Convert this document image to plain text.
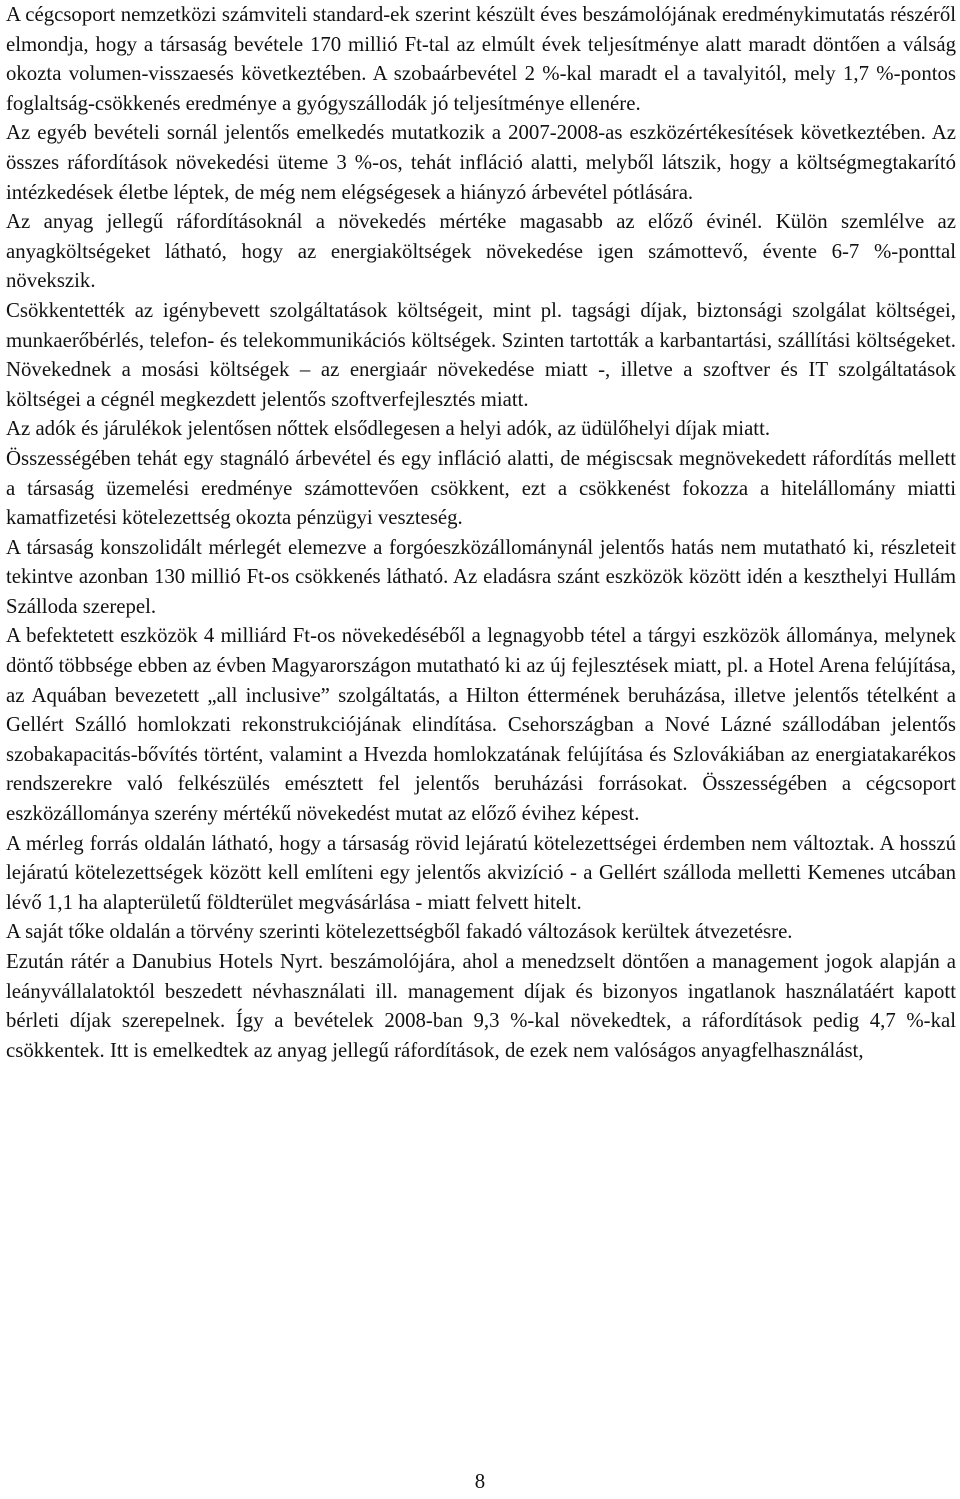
A cégcsoport nemzetközi számviteli standard-ek szerint készült éves beszámolójának eredménykimutatás részéről elmondja, hogy a társaság bevétele 170 millió Ft-tal az elmúlt évek teljesítménye alatt maradt döntően a válság okozta volumen-visszaesés következtében. A szobaárbevétel 2 %-kal maradt el a tavalyitól, mely 1,7 %-pontos foglaltság-csökkenés eredménye a gyógyszállodák jó teljesítménye ellenére.

Az egyéb bevételi sornál jelentős emelkedés mutatkozik a 2007-2008-as eszközértékesítések következtében. Az összes ráfordítások növekedési üteme 3 %-os, tehát infláció alatti, melyből látszik, hogy a költségmegtakarító intézkedések életbe léptek, de még nem elégségesek a hiányzó árbevétel pótlására.

Az anyag jellegű ráfordításoknál a növekedés mértéke magasabb az előző évinél. Külön szemlélve az anyagköltségeket látható, hogy az energiaköltségek növekedése igen számottevő, évente 6-7 %-ponttal növekszik.

Csökkentették az igénybevett szolgáltatások költségeit, mint pl. tagsági díjak, biztonsági szolgálat költségei, munkaerőbérlés, telefon- és telekommunikációs költségek. Szinten tartották a karbantartási, szállítási költségeket. Növekednek a mosási költségek – az energiaár növekedése miatt -, illetve a szoftver és IT szolgáltatások költségei a cégnél megkezdett jelentős szoftverfejlesztés miatt.

Az adók és járulékok jelentősen nőttek elsődlegesen a helyi adók, az üdülőhelyi díjak miatt.

Összességében tehát egy stagnáló árbevétel és egy infláció alatti, de mégiscsak megnövekedett ráfordítás mellett a társaság üzemelési eredménye számottevően csökkent, ezt a csökkenést fokozza a hitelállomány miatti kamatfizetési kötelezettség okozta pénzügyi veszteség.

A társaság konszolidált mérlegét elemezve a forgóeszközállománynál jelentős hatás nem mutatható ki, részleteit tekintve azonban 130 millió Ft-os csökkenés látható. Az eladásra szánt eszközök között idén a keszthelyi Hullám Szálloda szerepel.

A befektetett eszközök 4 milliárd Ft-os növekedéséből a legnagyobb tétel a tárgyi eszközök állománya, melynek döntő többsége ebben az évben Magyarországon mutatható ki az új fejlesztések miatt, pl. a Hotel Arena felújítása, az Aquában bevezetett „all inclusive” szolgáltatás, a Hilton éttermének beruházása, illetve jelentős tételként a Gellért Szálló homlokzati rekonstrukciójának elindítása. Csehországban a Nové Lázné szállodában jelentős szobakapacitás-bővítés történt, valamint a Hvezda homlokzatának felújítása és Szlovákiában az energiatakarékos rendszerekre való felkészülés emésztett fel jelentős beruházási forrásokat. Összességében a cégcsoport eszközállománya szerény mértékű növekedést mutat az előző évihez képest.

A mérleg forrás oldalán látható, hogy a társaság rövid lejáratú kötelezettségei érdemben nem változtak. A hosszú lejáratú kötelezettségek között kell említeni egy jelentős akvizíció - a Gellért szálloda melletti Kemenes utcában lévő 1,1 ha alapterületű földterület megvásárlása - miatt felvett hitelt.

A saját tőke oldalán a törvény szerinti kötelezettségből fakadó változások kerültek átvezetésre.

Ezután rátér a Danubius Hotels Nyrt. beszámolójára, ahol a menedzselt döntően a management jogok alapján a leányvállalatoktól beszedett névhasználati ill. management díjak és bizonyos ingatlanok használatáért kapott bérleti díjak szerepelnek. Így a bevételek 2008-ban 9,3 %-kal növekedtek, a ráfordítások pedig 4,7 %-kal csökkentek. Itt is emelkedtek az anyag jellegű ráfordítások, de ezek nem valóságos anyagfelhasználást,

8
